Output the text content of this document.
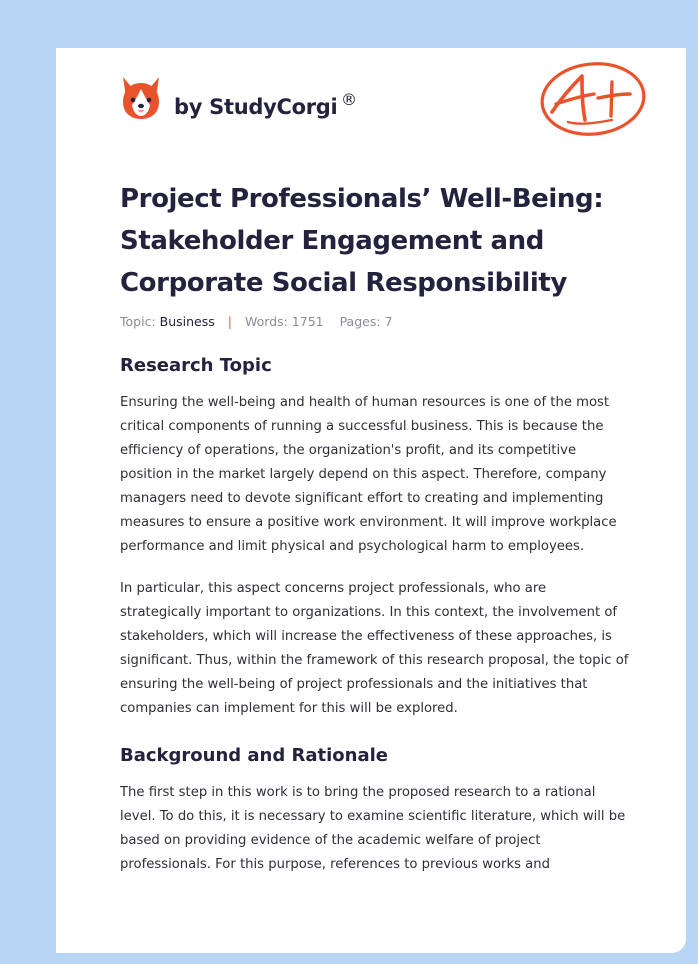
by StudyCorgi ®
Project Professionals’ Well-Being: Stakeholder Engagement and Corporate Social Responsibility
Topic: Business | Words: 1751 Pages: 7
Research Topic

Ensuring the well-being and health of human resources is one of the most critical components of running a successful business. This is because the efficiency of operations, the organization's profit, and its competitive position in the market largely depend on this aspect. Therefore, company managers need to devote significant effort to creating and implementing measures to ensure a positive work environment. It will improve workplace performance and limit physical and psychological harm to employees.

In particular, this aspect concerns project professionals, who are strategically important to organizations. In this context, the involvement of stakeholders, which will increase the effectiveness of these approaches, is significant. Thus, within the framework of this research proposal, the topic of ensuring the well-being of project professionals and the initiatives that companies can implement for this will be explored.

Background and Rationale

The first step in this work is to bring the proposed research to a rational level. To do this, it is necessary to examine scientific literature, which will be based on providing evidence of the academic welfare of project professionals. For this purpose, references to previous works and
